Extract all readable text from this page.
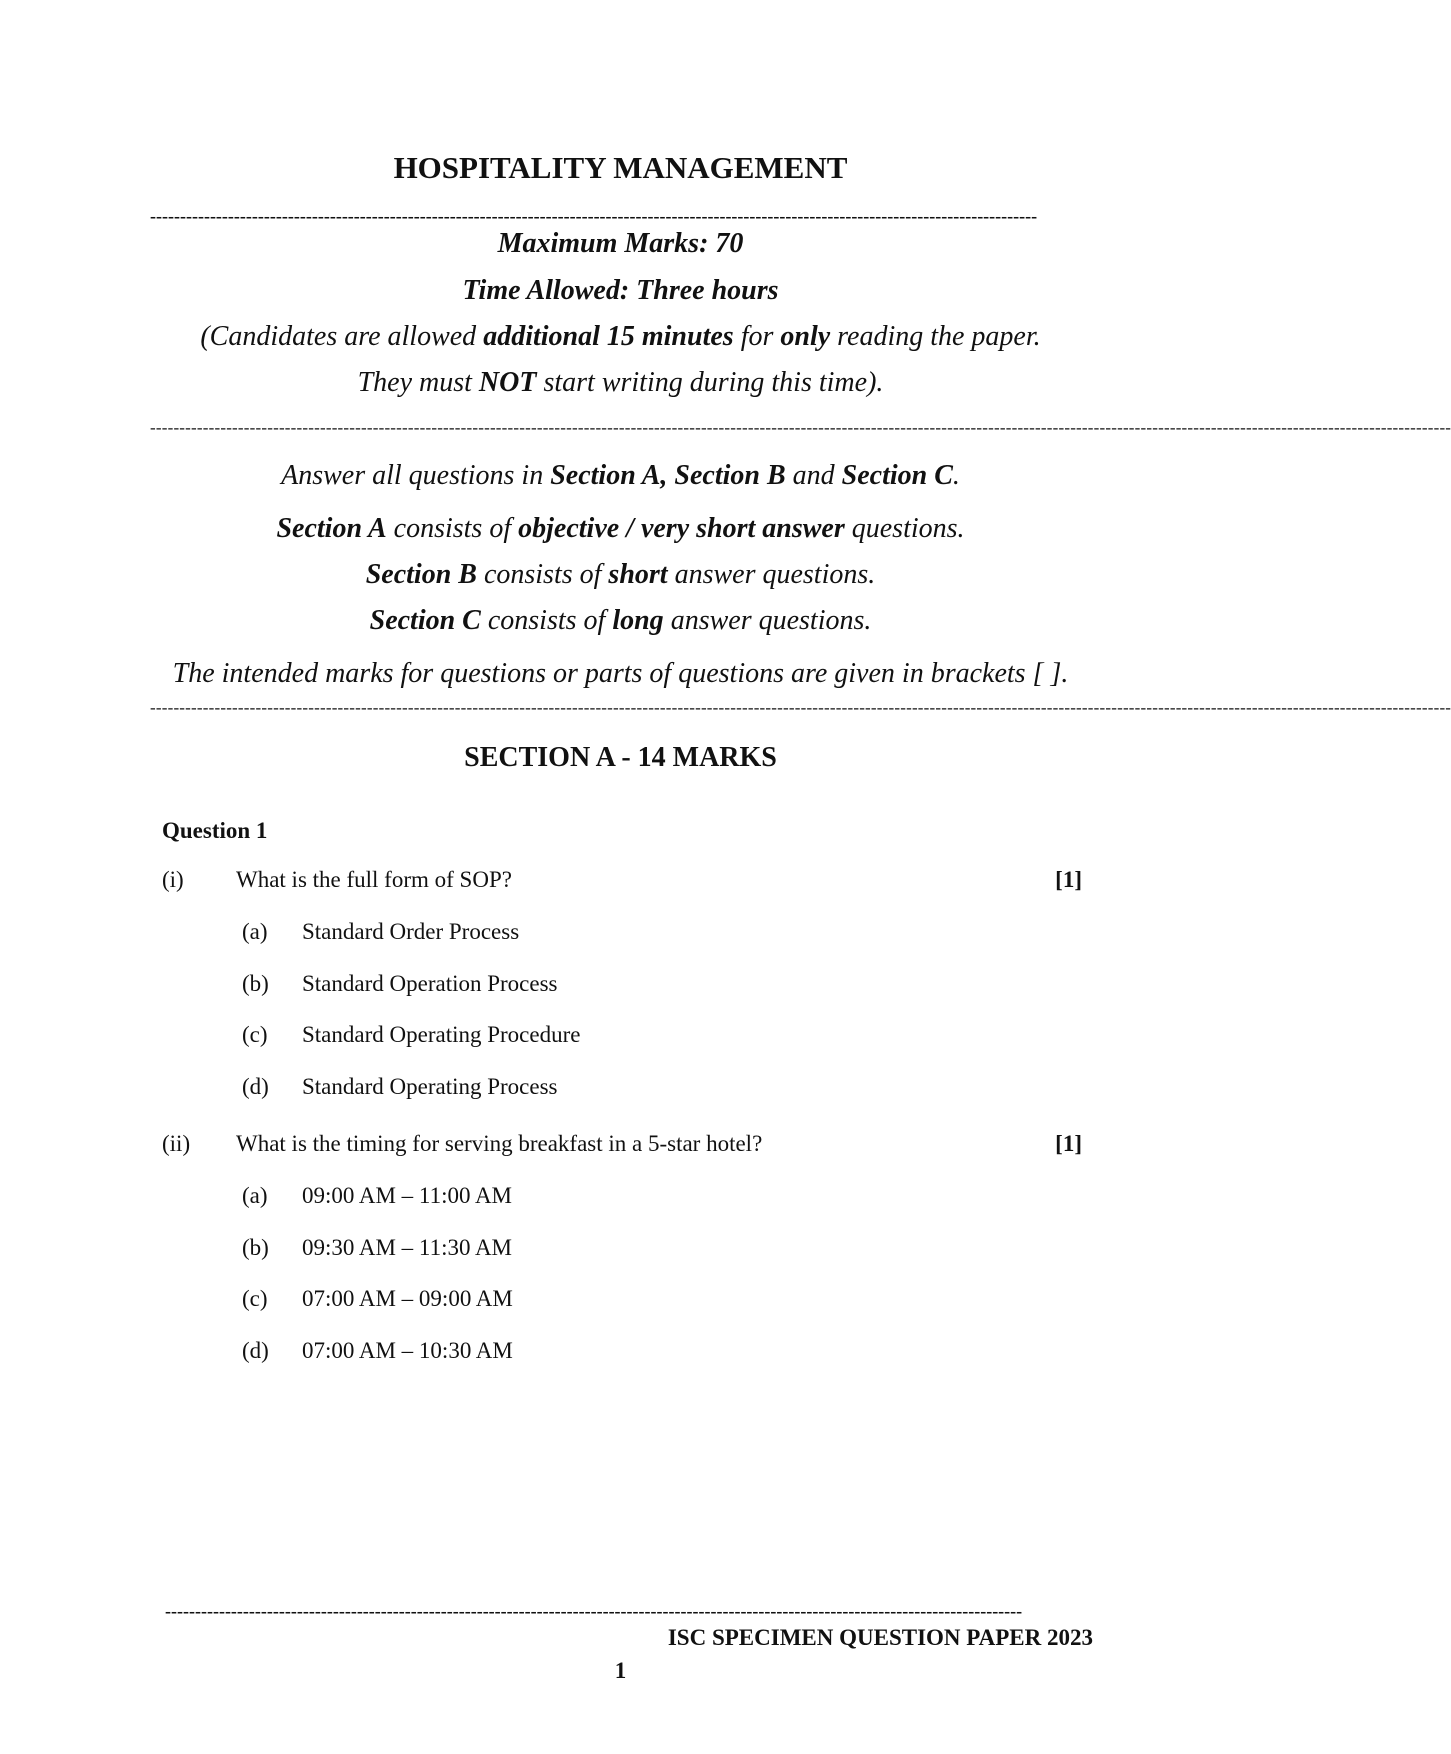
HOSPITALITY MANAGEMENT
----------------------------------------------------------------------------------------------------------------------------------------------------
Maximum Marks: 70
Time Allowed: Three hours
(Candidates are allowed additional 15 minutes for only reading the paper.
They must NOT start writing during this time).
------------------------------------------------------------------------------------------------------------------------------------------------------------------------------------------------------------------------------
Answer all questions in Section A, Section B and Section C.
Section A consists of objective / very short answer questions.
Section B consists of short answer questions.
Section C consists of long answer questions.
The intended marks for questions or parts of questions are given in brackets [ ].
------------------------------------------------------------------------------------------------------------------------------------------------------------------------------------------------------------------------------
SECTION A - 14 MARKS
Question 1
(i) What is the full form of SOP?	[1]
(a) Standard Order Process
(b) Standard Operation Process
(c) Standard Operating Procedure
(d) Standard Operating Process
(ii) What is the timing for serving breakfast in a 5-star hotel?	[1]
(a) 09:00 AM – 11:00 AM
(b) 09:30 AM – 11:30 AM
(c) 07:00 AM – 09:00 AM
(d) 07:00 AM – 10:30 AM
-----------------------------------------------------------------------------------------------------------------------------------------------
ISC SPECIMEN QUESTION PAPER 2023
1
